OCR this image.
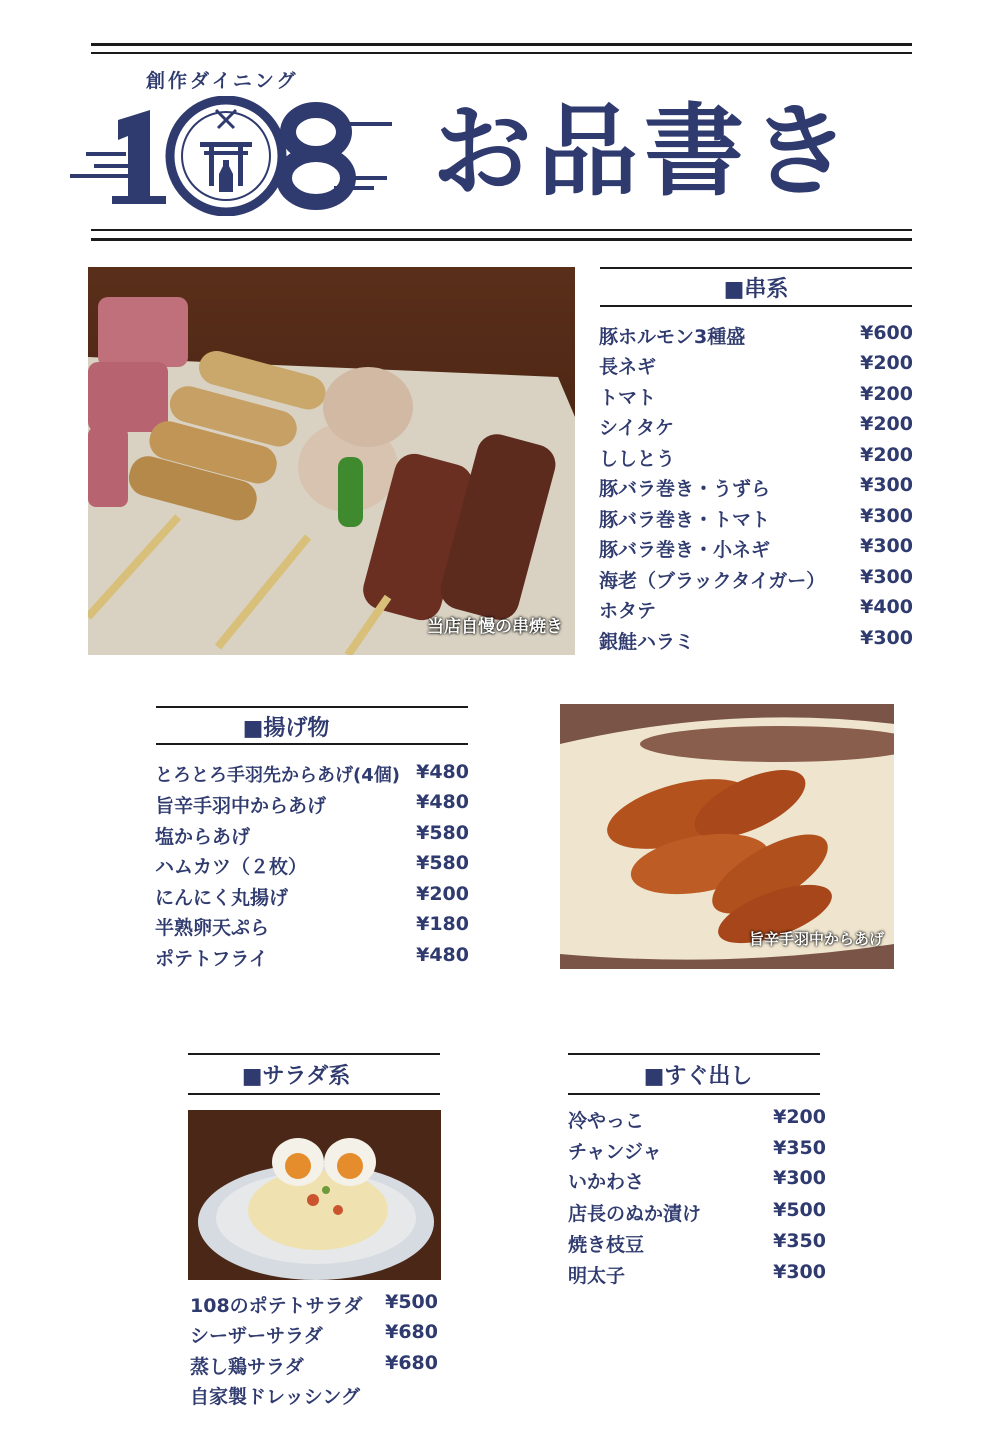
創作ダイニング
お品書き
当店自慢の串焼き
■串系
豚ホルモン3種盛	¥600
長ネギ	¥200
トマト	¥200
シイタケ	¥200
ししとう	¥200
豚バラ巻き・うずら	¥300
豚バラ巻き・トマト	¥300
豚バラ巻き・小ネギ	¥300
海老（ブラックタイガー） ¥300
ホタテ	¥400
銀鮭ハラミ	¥300
■揚げ物
とろとろ手羽先からあげ(4個) ¥480
旨辛手羽中からあげ	¥480
塩からあげ	¥580
ハムカツ（２枚）	¥580
にんにく丸揚げ	¥200
半熟卵天ぷら	¥180
ポテトフライ	¥480
旨辛手羽中からあげ
■サラダ系
108のポテトサラダ ¥500
シーザーサラダ	¥680
蒸し鶏サラダ	¥680
自家製ドレッシング
■すぐ出し
冷やっこ	¥200
チャンジャ	¥350
いかわさ	¥300
店長のぬか漬け	¥500
焼き枝豆	¥350
明太子	¥300
